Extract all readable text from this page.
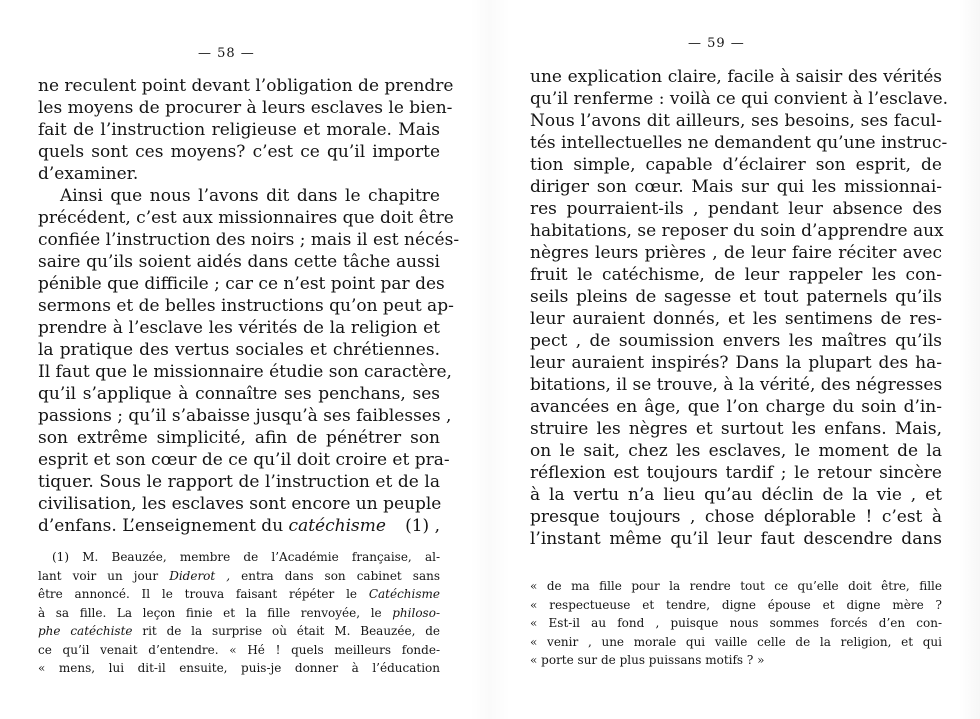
— 58 —
ne reculent point devant l’obligation de prendre
les moyens de procurer à leurs esclaves le bien-
fait de l’instruction religieuse et morale. Mais
quels sont ces moyens? c’est ce qu’il importe
d’examiner.
Ainsi que nous l’avons dit dans le chapitre
précédent, c’est aux missionnaires que doit être
confiée l’instruction des noirs ; mais il est nécés-
saire qu’ils soient aidés dans cette tâche aussi
pénible que difficile ; car ce n’est point par des
sermons et de belles instructions qu’on peut ap-
prendre à l’esclave les vérités de la religion et
la pratique des vertus sociales et chrétiennes.
Il faut que le missionnaire étudie son caractère,
qu’il s’applique à connaître ses penchans, ses
passions ; qu’il s’abaisse jusqu’à ses faiblesses ,
son extrême simplicité, afin de pénétrer son
esprit et son cœur de ce qu’il doit croire et pra-
tiquer. Sous le rapport de l’instruction et de la
civilisation, les esclaves sont encore un peuple
d’enfans. L’enseignement du catéchisme (1) ,
(1) M. Beauzée, membre de l’Académie française, al-
lant voir un jour Diderot , entra dans son cabinet sans
être annoncé. Il le trouva faisant répéter le Catéchisme
à sa fille. La leçon finie et la fille renvoyée, le philoso-
phe catéchiste rit de la surprise où était M. Beauzée, de
ce qu’il venait d’entendre. « Hé ! quels meilleurs fonde-
« mens, lui dit-il ensuite, puis-je donner à l’éducation
— 59 —
une explication claire, facile à saisir des vérités
qu’il renferme : voilà ce qui convient à l’esclave.
Nous l’avons dit ailleurs, ses besoins, ses facul-
tés intellectuelles ne demandent qu’une instruc-
tion simple, capable d’éclairer son esprit, de
diriger son cœur. Mais sur qui les missionnai-
res pourraient-ils , pendant leur absence des
habitations, se reposer du soin d’apprendre aux
nègres leurs prières , de leur faire réciter avec
fruit le catéchisme, de leur rappeler les con-
seils pleins de sagesse et tout paternels qu’ils
leur auraient donnés, et les sentimens de res-
pect , de soumission envers les maîtres qu’ils
leur auraient inspirés? Dans la plupart des ha-
bitations, il se trouve, à la vérité, des négresses
avancées en âge, que l’on charge du soin d’in-
struire les nègres et surtout les enfans. Mais,
on le sait, chez les esclaves, le moment de la
réflexion est toujours tardif ; le retour sincère
à la vertu n’a lieu qu’au déclin de la vie , et
presque toujours , chose déplorable ! c’est à
l’instant même qu’il leur faut descendre dans
« de ma fille pour la rendre tout ce qu’elle doit être, fille
« respectueuse et tendre, digne épouse et digne mère ?
« Est-il au fond , puisque nous sommes forcés d’en con-
« venir , une morale qui vaille celle de la religion, et qui
« porte sur de plus puissans motifs ? »
